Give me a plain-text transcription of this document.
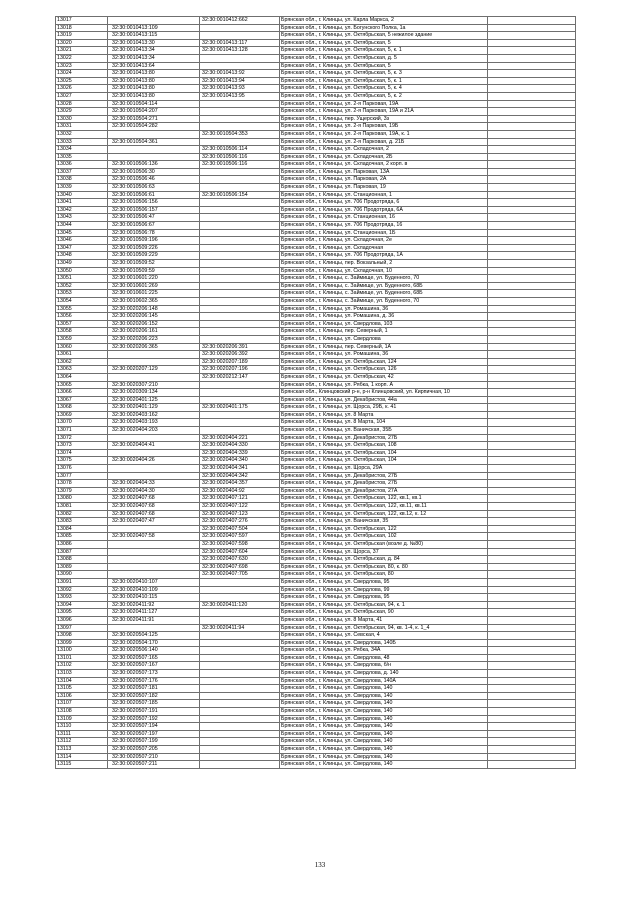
13017		32:30:0010412:662	Брянская обл., г. Клинцы, ул. Карла Маркса, 2	
13018	32:30:0010413:109		Брянская обл., г. Клинцы, ул. Богунского Полка, 1а	
13019	32:30:0010413:115		Брянская обл., г. Клинцы, ул. Октябрьская, 5 нежилое здание	
13020	32:30:0010413:30	32:30:0010413:117	Брянская обл., г. Клинцы, ул. Октябрьская, 5	
13021	32:30:0010413:34	32:30:0010413:128	Брянская обл., г. Клинцы, ул. Октябрьская, 5, к. 1	
13022	32:30:0010413:34		Брянская обл., г. Клинцы, ул. Октябрьская, д. 5	
13023	32:30:0010413:64		Брянская обл., г. Клинцы, ул. Октябрьская, 5	
13024	32:30:0010413:80	32:30:0010413:92	Брянская обл., г. Клинцы, ул. Октябрьская, 5, к. 3	
13025	32:30:0010413:80	32:30:0010413:94	Брянская обл., г. Клинцы, ул. Октябрьская, 5, к. 1	
13026	32:30:0010413:80	32:30:0010413:93	Брянская обл., г. Клинцы, ул. Октябрьская, 5, к. 4	
13027	32:30:0010413:80	32:30:0010413:95	Брянская обл., г. Клинцы, ул. Октябрьская, 5, к. 2	
13028	32:30:0010504:114		Брянская обл., г. Клинцы, ул. 2-я Парковая, 19А	
13029	32:30:0010504:207		Брянская обл., г. Клинцы, ул. 2-я Парковая, 19А и 21А	
13030	32:30:0010504:271		Брянская обл., г. Клинцы, пер. Ущерский, 3з	
13031	32:30:0010504:282		Брянская обл., г. Клинцы, ул. 2-я Парковая, 19Б	
13032		32:30:0010504:353	Брянская обл., г. Клинцы, ул. 2-я Парковая, 19А, к. 1	
13033	32:30:0010504:361		Брянская обл., г. Клинцы, ул. 2-я Парковая, д. 21Б	
13034		32:30:0010506:114	Брянская обл., г. Клинцы, ул. Складочная, 2	
13035		32:30:0010506:116	Брянская обл., г. Клинцы, ул. Складочная, 2Б	
13036	32:30:0010506:136	32:30:0010506:116	Брянская обл., г. Клинцы, ул. Складочная, 2 корп. в	
13037	32:30:0010506:30		Брянская обл., г. Клинцы, ул. Парковая, 13А	
13038	32:30:0010506:46		Брянская обл., г. Клинцы, ул. Парковая, 2А	
13039	32:30:0010506:63		Брянская обл., г. Клинцы, ул. Парковая, 19	
13040	32:30:0010506:61	32:30:0010506:154	Брянская обл., г. Клинцы, ул. Станционная, 1	
13041	32:30:0010506:156		Брянская обл., г. Клинцы, ул. 706 Продотряда, 6	
13042	32:30:0010506:157		Брянская обл., г. Клинцы, ул. 706 Продотряда, 6А	
13043	32:30:0010506:47		Брянская обл., г. Клинцы, ул. Станционная, 16	
13044	32:30:0010506:67		Брянская обл., г. Клинцы, ул. 706 Продотряда, 16	
13045	32:30:0010506:78		Брянская обл., г. Клинцы, ул. Станционная, 1Б	
13046	32:30:0010509:196		Брянская обл., г. Клинцы, ул. Складочная, 2е	
13047	32:30:0010509:226		Брянская обл., г. Клинцы, ул. Складочная	
13048	32:30:0010509:229		Брянская обл., г. Клинцы, ул. 706 Продотряда, 1А	
13049	32:30:0010509:52		Брянская обл., г. Клинцы, пер. Вокзальный, 2	
13050	32:30:0010509:59		Брянская обл., г. Клинцы, ул. Складочная, 10	
13051	32:30:0010601:220		Брянская обл., г. Клинцы, с. Займище, ул. Буденного, 70	
13052	32:30:0010601:269		Брянская обл., г. Клинцы, с. Займище, ул. Буденного, 68Б	
13053	32:30:0010601:225		Брянская обл., г. Клинцы, с. Займище, ул. Буденного, 68Б	
13054	32:30:0010602:365		Брянская обл., г. Клинцы, с. Займище, ул. Буденного, 70	
13055	32:30:0020206:148		Брянская обл., г. Клинцы, ул. Ромашина, 36	
13056	32:30:0020206:145		Брянская обл., г. Клинцы, ул. Ромашина, д. 36	
13057	32:30:0020206:152		Брянская обл., г. Клинцы, ул. Свердлова, 103	
13058	32:30:0020206:161		Брянская обл., г. Клинцы, пер. Северный, 1	
13059	32:30:0020206:223		Брянская обл., г. Клинцы, ул. Свердлова	
13060	32:30:0020206:365	32:30:0020206:391	Брянская обл., г. Клинцы, пер. Северный, 1А	
13061		32:30:0020206:392	Брянская обл., г. Клинцы, ул. Ромашина, 36	
13062		32:30:0020207:189	Брянская обл., г. Клинцы, ул. Октябрьская, 124	
13063	32:30:0020207:129	32:30:0020207:196	Брянская обл., г. Клинцы, ул. Октябрьская, 126	
13064		32:30:0020212:147	Брянская обл., г. Клинцы, ул. Октябрьская, 42	
13065	32:30:0020307:210		Брянская обл., г. Клинцы, ул. Рябка, 1 корп. А	
13066	32:30:0020309:134		Брянская обл., Клинцовский р-н, р-н Клинцовский, ул. Кирпичная, 10	
13067	32:30:0020401:125		Брянская обл., г. Клинцы, ул. Декабристов, 44а	
13068	32:30:0020401:129	32:30:0020401:175	Брянская обл., г. Клинцы, ул. Щорса, 29Б, к. 41	
13069	32:30:0020403:162		Брянская обл., г. Клинцы, ул. 8 Марта	
13070	32:30:0020403:193		Брянская обл., г. Клинцы, ул. 8 Марта, 104	
13071	32:30:0020404:203		Брянская обл., г. Клинцы, ул. Ваничская, 35Б	
13072		32:30:0020404:221	Брянская обл., г. Клинцы, ул. Декабристов, 27Б	
13073	32:30:0020404:41	32:30:0020404:330	Брянская обл., г. Клинцы, ул. Октябрьская, 108	
13074		32:30:0020404:339	Брянская обл., г. Клинцы, ул. Октябрьская, 104	
13075	32:30:0020404:26	32:30:0020404:340	Брянская обл., г. Клинцы, ул. Октябрьская, 104	
13076		32:30:0020404:341	Брянская обл., г. Клинцы, ул. Щорса, 29А	
13077		32:30:0020404:342	Брянская обл., г. Клинцы, ул. Декабристов, 27Б	
13078	32:30:0020404:33	32:30:0020404:357	Брянская обл., г. Клинцы, ул. Декабристов, 27Б	
13079	32:30:0020404:30	32:30:0020404:92	Брянская обл., г. Клинцы, ул. Декабристов, 27А	
13080	32:30:0020407:68	32:30:0020407:121	Брянская обл., г. Клинцы, ул. Октябрьская, 122, кв.1, кв.1	
13081	32:30:0020407:68	32:30:0020407:122	Брянская обл., г. Клинцы, ул. Октябрьская, 122, кв.11, кв.11	
13082	32:30:0020407:68	32:30:0020407:123	Брянская обл., г. Клинцы, ул. Октябрьская, 122, кв.12, к. 12	
13083	32:30:0020407:47	32:30:0020407:276	Брянская обл., г. Клинцы, ул. Ваничская, 35	
13084		32:30:0020407:504	Брянская обл., г. Клинцы, ул. Октябрьская, 122	
13085	32:30:0020407:58	32:30:0020407:597	Брянская обл., г. Клинцы, ул. Октябрьская, 102	
13086		32:30:0020407:598	Брянская обл., г. Клинцы, ул. Октябрьская (возле д. №80)	
13087		32:30:0020407:604	Брянская обл., г. Клинцы, ул. Щорса, 37	
13088		32:30:0020407:630	Брянская обл., г. Клинцы, ул. Октябрьская, д. 84	
13089		32:30:0020407:698	Брянская обл., г. Клинцы, ул. Октябрьская, 80, к. 80	
13090		32:30:0020407:705	Брянская обл., г. Клинцы, ул. Октябрьская, 80	
13091	32:30:0020410:107		Брянская обл., г. Клинцы, ул. Свердлова, 95	
13092	32:30:0020410:109		Брянская обл., г. Клинцы, ул. Свердлова, 99	
13093	32:30:0020410:115		Брянская обл., г. Клинцы, ул. Свердлова, 95	
13094	32:30:0020411:92	32:30:0020411:120	Брянская обл., г. Клинцы, ул. Октябрьская, 94, к. 1	
13095	32:30:0020411:127		Брянская обл., г. Клинцы, ул. Октябрьская, 90	
13096	32:30:0020411:91		Брянская обл., г. Клинцы, ул. 8 Марта, 41	
13097		32:30:0020411:94	Брянская обл., г. Клинцы, ул. Октябрьская, 94, кв. 1-4, к. 1_4	
13098	32:30:0020504:125		Брянская обл., г. Клинцы, ул. Севская, 4	
13099	32:30:0020504:170		Брянская обл., г. Клинцы, ул. Свердлова, 140Б	
13100	32:30:0020506:140		Брянская обл., г. Клинцы, ул. Рябка, 34А	
13101	32:30:0020507:165		Брянская обл., г. Клинцы, ул. Свердлова, 48	
13102	32:30:0020507:167		Брянская обл., г. Клинцы, ул. Свердлова, б/н	
13103	32:30:0020507:173		Брянская обл., г. Клинцы, ул. Свердлова, д. 140	
13104	32:30:0020507:176		Брянская обл., г. Клинцы, ул. Свердлова, 140А	
13105	32:30:0020507:181		Брянская обл., г. Клинцы, ул. Свердлова, 140	
13106	32:30:0020507:182		Брянская обл., г. Клинцы, ул. Свердлова, 140	
13107	32:30:0020507:185		Брянская обл., г. Клинцы, ул. Свердлова, 140	
13108	32:30:0020507:191		Брянская обл., г. Клинцы, ул. Свердлова, 140	
13109	32:30:0020507:192		Брянская обл., г. Клинцы, ул. Свердлова, 140	
13110	32:30:0020507:194		Брянская обл., г. Клинцы, ул. Свердлова, 140	
13111	32:30:0020507:197		Брянская обл., г. Клинцы, ул. Свердлова, 140	
13112	32:30:0020507:199		Брянская обл., г. Клинцы, ул. Свердлова, 140	
13113	32:30:0020507:205		Брянская обл., г. Клинцы, ул. Свердлова, 140	
13114	32:30:0020507:210		Брянская обл., г. Клинцы, ул. Свердлова, 140	
13115	32:30:0020507:211		Брянская обл., г. Клинцы, ул. Свердлова, 140	
133
